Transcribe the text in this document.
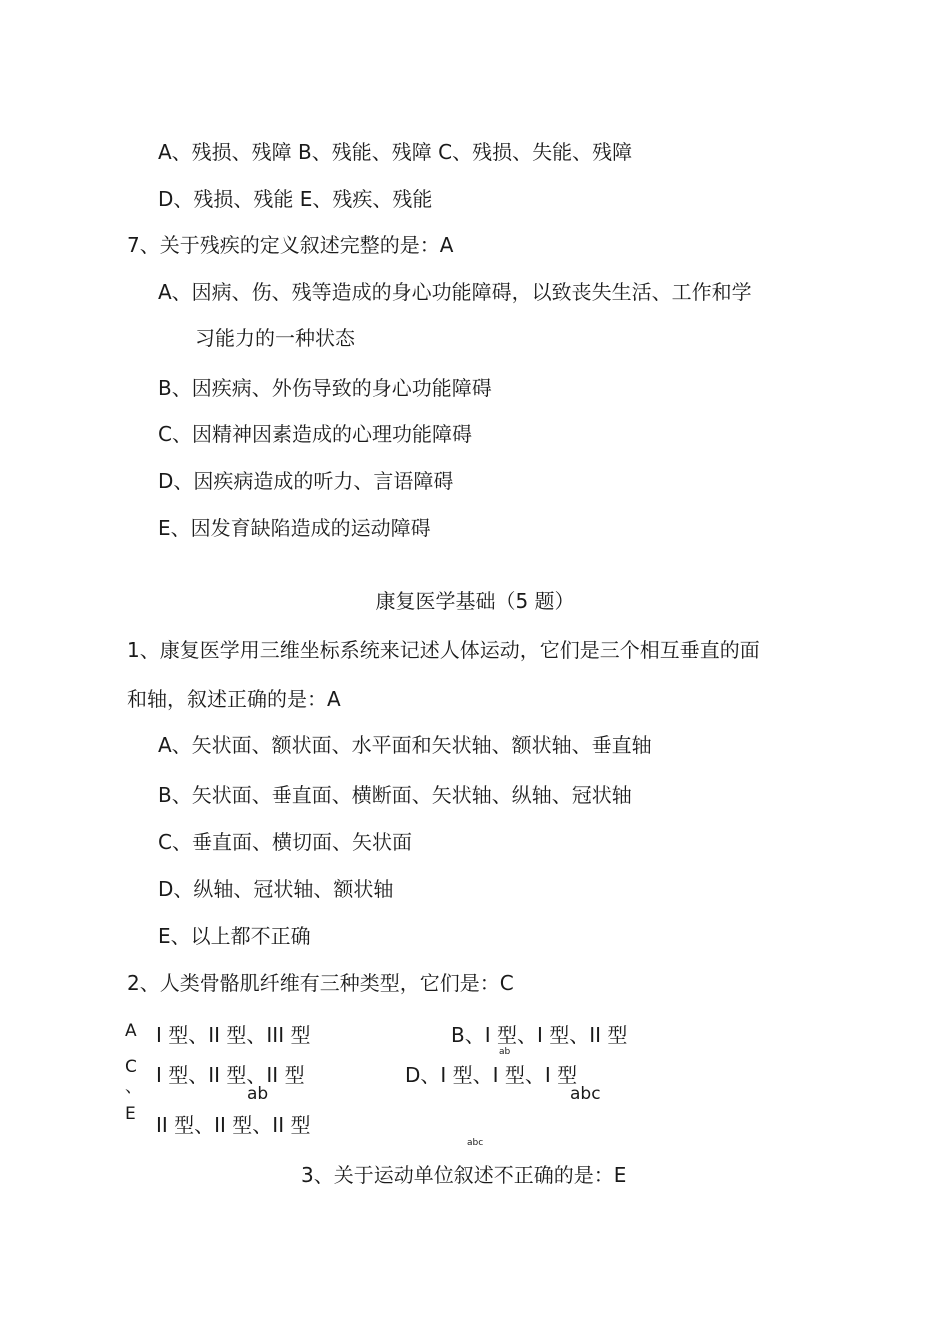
A、残损、残障 B、残能、残障 C、残损、失能、残障
D、残损、残能 E、残疾、残能
7、关于残疾的定义叙述完整的是：A
A、因病、伤、残等造成的身心功能障碍，以致丧失生活、工作和学
习能力的一种状态
B、因疾病、外伤导致的身心功能障碍
C、因精神因素造成的心理功能障碍
D、因疾病造成的听力、言语障碍
E、因发育缺陷造成的运动障碍
康复医学基础（5 题）
1、康复医学用三维坐标系统来记述人体运动，它们是三个相互垂直的面
和轴，叙述正确的是：A
A、矢状面、额状面、水平面和矢状轴、额状轴、垂直轴
B、矢状面、垂直面、横断面、矢状轴、纵轴、冠状轴
C、垂直面、横切面、矢状面
D、纵轴、冠状轴、额状轴
E、以上都不正确
2、人类骨骼肌纤维有三种类型，它们是：C
A I 型、II 型、III 型	B、I 型、I 型、II 型
ab
C
、 I 型、II 型、II 型
ab
D、I 型、I 型、I 型
abc
E II 型、II 型、II 型
abc
3、关于运动单位叙述不正确的是：E
